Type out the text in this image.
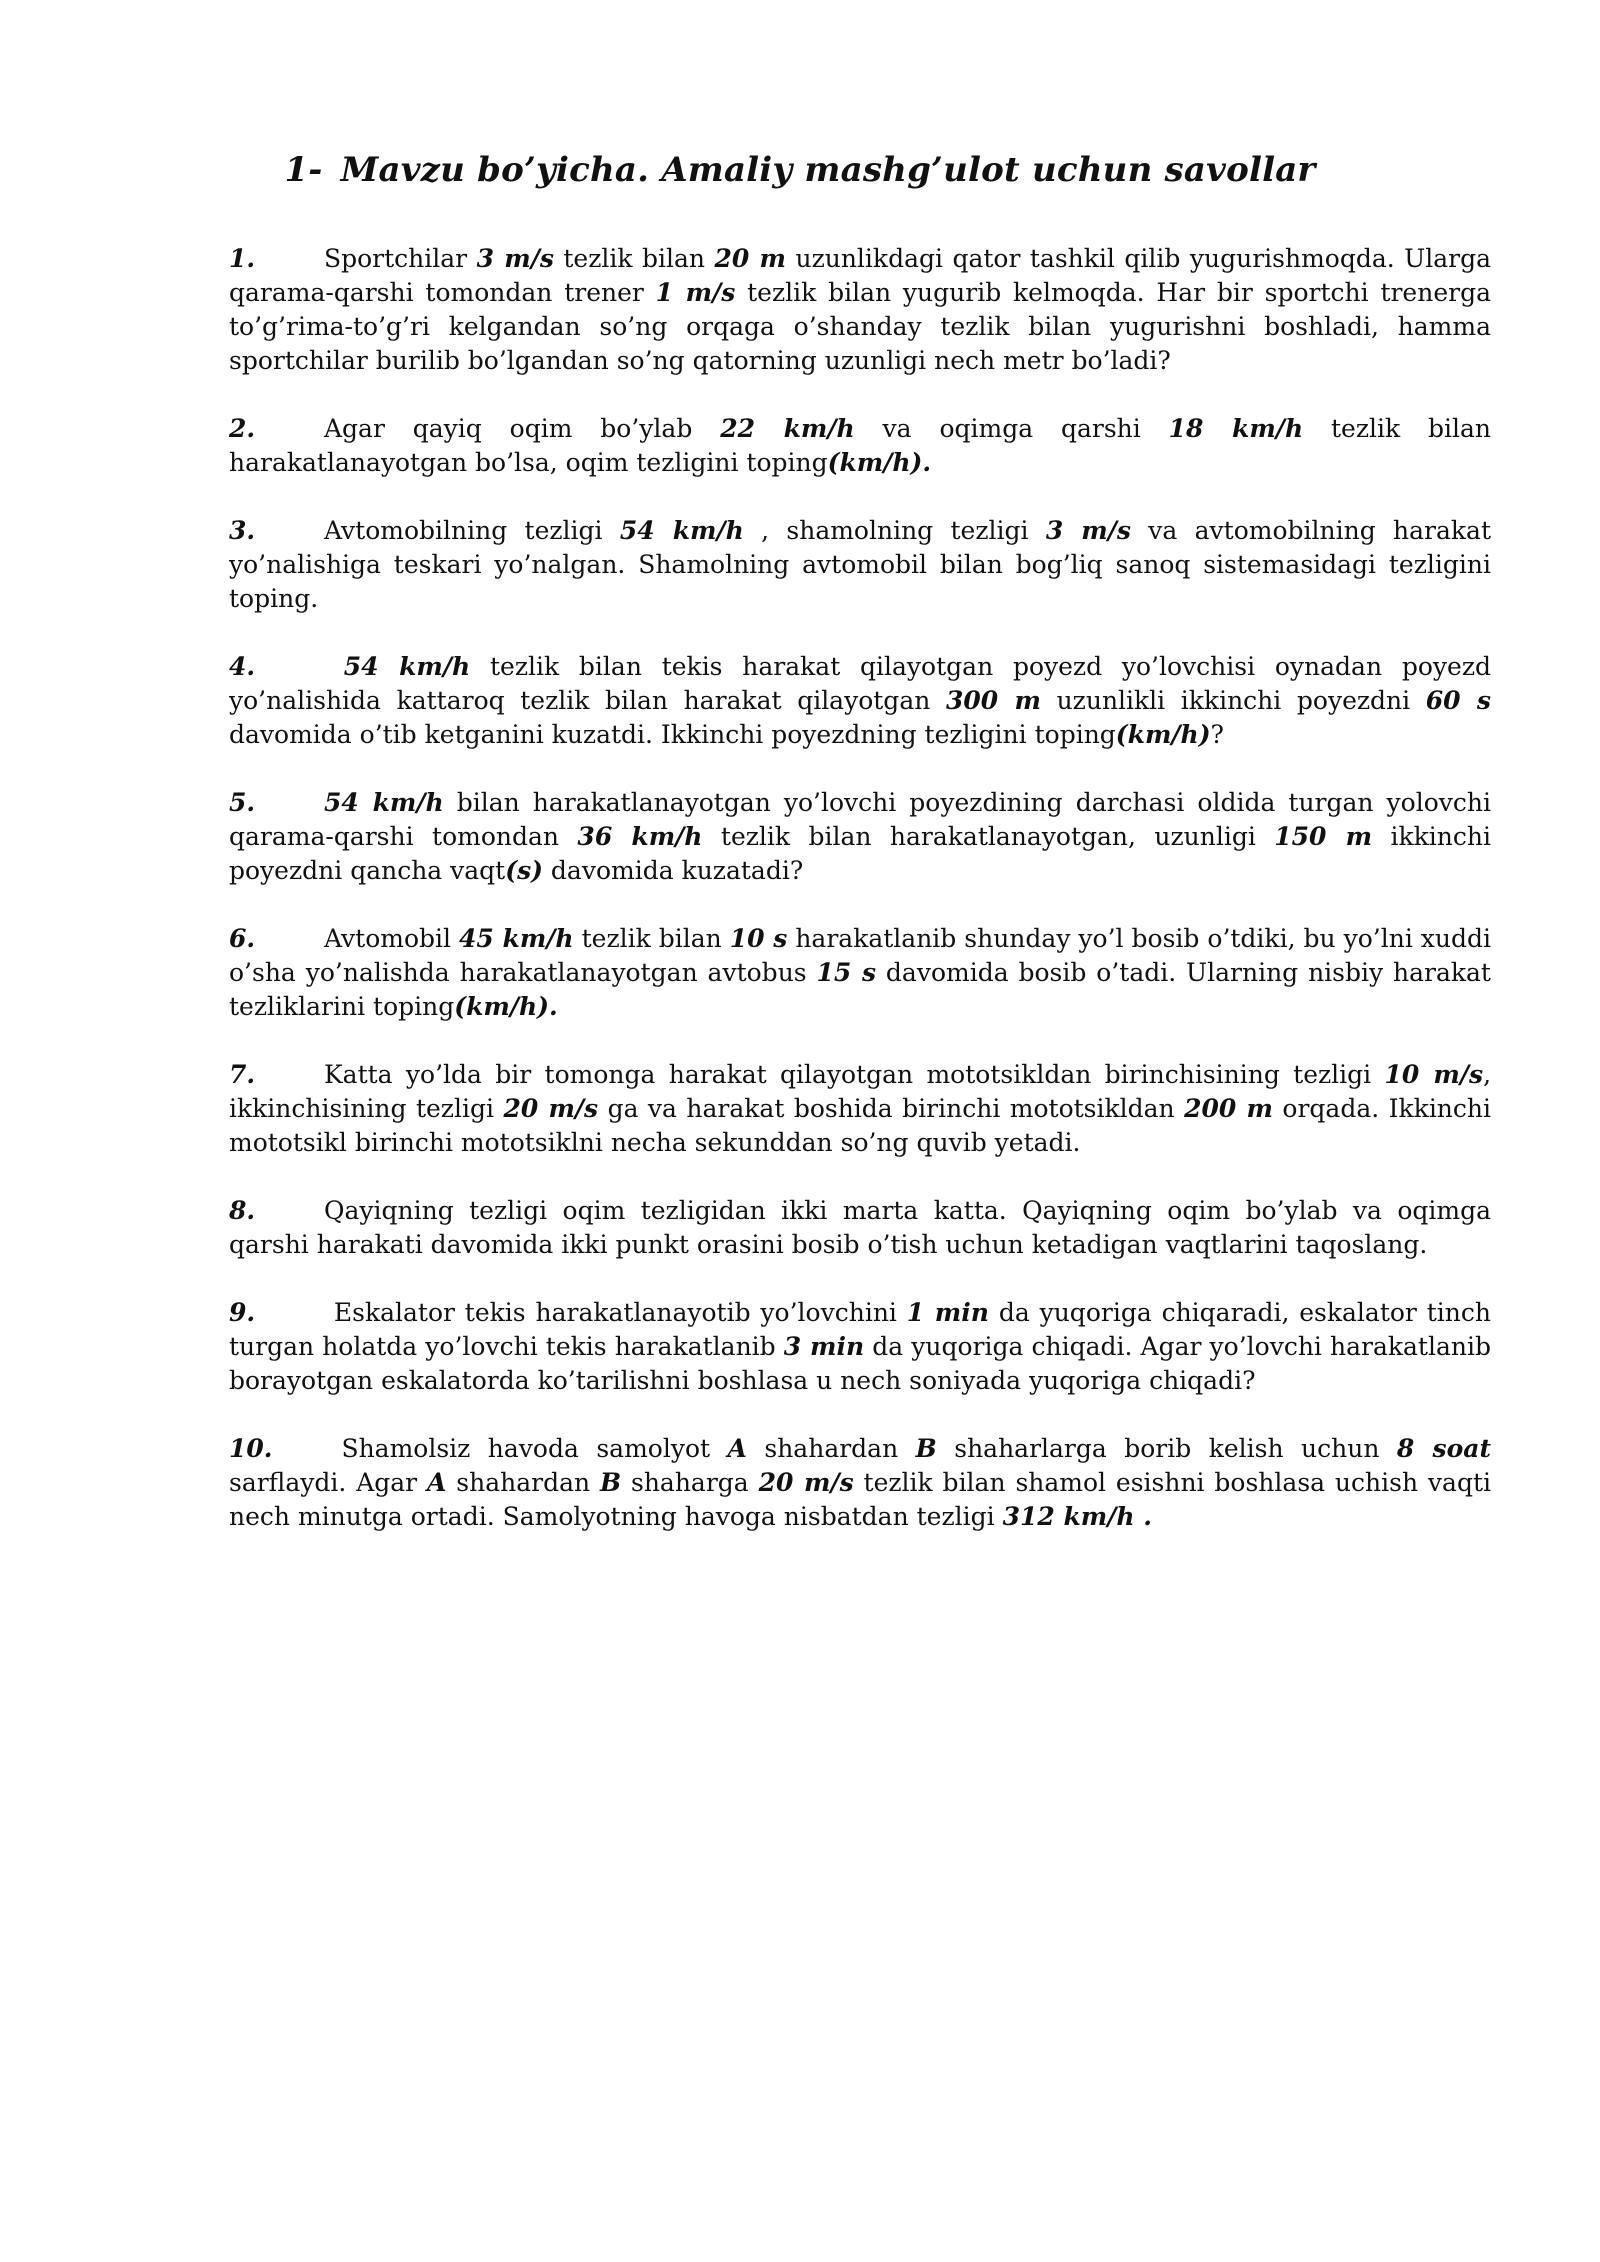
1- Mavzu bo’yicha. Amaliy mashg’ulot uchun savollar

1.	Sportchilar 3 m/s tezlik bilan 20 m uzunlikdagi qator tashkil qilib yugurishmoqda. Ularga qarama-qarshi tomondan trener 1 m/s tezlik bilan yugurib kelmoqda. Har bir sportchi trenerga to’g’rima-to’g’ri kelgandan so’ng orqaga o’shanday tezlik bilan yugurishni boshladi, hamma sportchilar burilib bo’lgandan so’ng qatorning uzunligi nech metr bo’ladi?

2.	Agar qayiq oqim bo’ylab 22 km/h va oqimga qarshi 18 km/h tezlik bilan harakatlanayotgan bo’lsa, oqim tezligini toping(km/h).

3.	Avtomobilning tezligi 54 km/h , shamolning tezligi 3 m/s va avtomobilning harakat yo’nalishiga teskari yo’nalgan. Shamolning avtomobil bilan bog’liq sanoq sistemasidagi tezligini toping.

4.	54 km/h tezlik bilan tekis harakat qilayotgan poyezd yo’lovchisi oynadan poyezd yo’nalishida kattaroq tezlik bilan harakat qilayotgan 300 m uzunlikli ikkinchi poyezdni 60 s davomida o’tib ketganini kuzatdi. Ikkinchi poyezdning tezligini toping(km/h)?

5.	54 km/h bilan harakatlanayotgan yo’lovchi poyezdining darchasi oldida turgan yolovchi qarama-qarshi tomondan 36 km/h tezlik bilan harakatlanayotgan, uzunligi 150 m ikkinchi poyezdni qancha vaqt(s) davomida kuzatadi?

6.	Avtomobil 45 km/h tezlik bilan 10 s harakatlanib shunday yo’l bosib o’tdiki, bu yo’lni xuddi o’sha yo’nalishda harakatlanayotgan avtobus 15 s davomida bosib o’tadi. Ularning nisbiy harakat tezliklarini toping(km/h).

7.	Katta yo’lda bir tomonga harakat qilayotgan mototsikldan birinchisining tezligi 10 m/s, ikkinchisining tezligi 20 m/s ga va harakat boshida birinchi mototsikldan 200 m orqada. Ikkinchi mototsikl birinchi mototsiklni necha sekunddan so’ng quvib yetadi.

8.	Qayiqning tezligi oqim tezligidan ikki marta katta. Qayiqning oqim bo’ylab va oqimga qarshi harakati davomida ikki punkt orasini bosib o’tish uchun ketadigan vaqtlarini taqoslang.

9.	Eskalator tekis harakatlanayotib yo’lovchini 1 min da yuqoriga chiqaradi, eskalator tinch turgan holatda yo’lovchi tekis harakatlanib 3 min da yuqoriga chiqadi. Agar yo’lovchi harakatlanib borayotgan eskalatorda ko’tarilishni boshlasa u nech soniyada yuqoriga chiqadi?

10. Shamolsiz havoda samolyot A shahardan B shaharlarga borib kelish uchun 8 soat sarflaydi. Agar A shahardan B shaharga 20 m/s tezlik bilan shamol esishni boshlasa uchish vaqti nech minutga ortadi. Samolyotning havoga nisbatdan tezligi 312 km/h .
